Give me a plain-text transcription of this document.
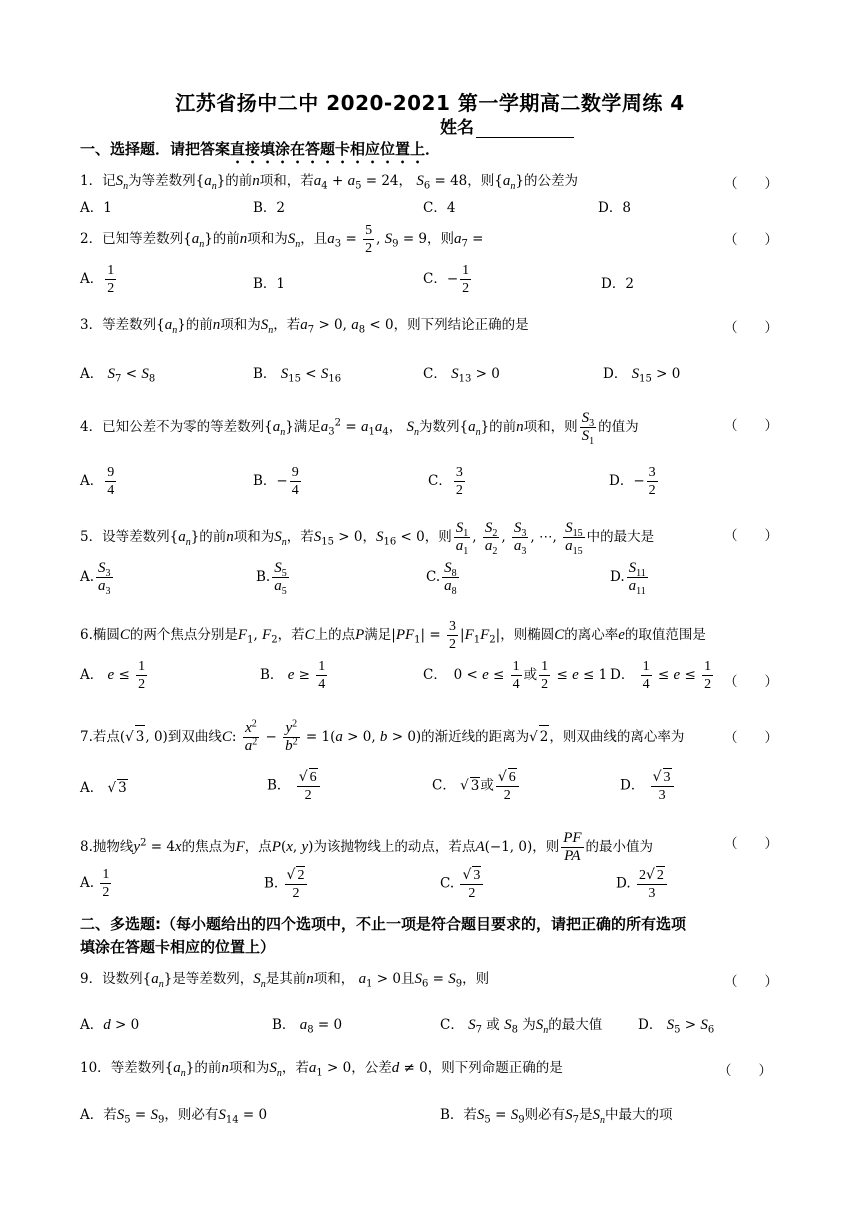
江苏省扬中二中 2020-2021 第一学期高二数学周练 4
姓名
一、选择题．请把答案直接填涂在答题卡相应位置上．
1．记$S_n$为等差数列$\{a_n\}$的前n项和，若$a_4 + a_5 = 24$， $S_6 = 48$，则$\{a_n\}$的公差为	（　　）
A．1	B．2	C．4	D．8
2．已知等差数列$\{a_n\}$的前n项和为$S_n$，且$a_3 = \frac{5}{2}$ , $S_9 = 9$，则$a_7$ =	（　　）
A． $\frac{1}{2}$	B．1	C．− $\frac{1}{2}$	D．2
3．等差数列$\{a_n\}$的前n项和为$S_n$，若$a_7 > 0$, $a_8 < 0$，则下列结论正确的是	（　　）
A． $S_7 < S_8$	B． $S_{15} < S_{16}$	C． $S_{13} > 0$	D． $S_{15} > 0$
4．已知公差不为零的等差数列$\{a_n\}$满足$a_3^2 = a_1a_4$， $S_n$为数列$\{a_n\}$的前n项和，则 $\frac{S_3}{S_1}$ 的值为	（　　）
A． $\frac{9}{4}$	B．− $\frac{9}{4}$	C． $\frac{3}{2}$	D．− $\frac{3}{2}$
5．设等差数列$\{a_n\}$的前n项和为$S_n$，若$S_{15} > 0$，$S_{16} < 0$，则 $\frac{S_1}{a_1}$ , $\frac{S_2}{a_2}$ , $\frac{S_3}{a_3}$ , ⋯, $\frac{S_{15}}{a_{15}}$ 中的最大是	（　　）
A. $\frac{S_3}{a_3}$	B. $\frac{S_5}{a_5}$	C. $\frac{S_8}{a_8}$	D. $\frac{S_{11}}{a_{11}}$
6.椭圆C的两个焦点分别是$F_1$, $F_2$，若C上的点P满足$|PF_1| = \frac{3}{2} |F_1F_2|$，则椭圆C的离心率e的取值范围是
A． $e \le \frac{1}{2}$	B． $e \ge \frac{1}{4}$	C．　$0 < e \le \frac{1}{4}$ 或 $\frac{1}{2} \le e \le 1$ D． $\frac{1}{4} \le e \le \frac{1}{2}$ （　　）
7.若点(√ 3, 0)到双曲线C: $\frac{x^2}{a^2} - \frac{y^2}{b^2} = 1(a > 0$, b > 0)的渐近线的距离为√ 2，则双曲线的离心率为	（　　）
A． √ 3	B． $\frac{√ 6}{2}$	C． √ 3或 $\frac{√ 6}{2}$	D． $\frac{√ 3}{3}$
8.抛物线$y^2 = 4x$的焦点为F，点P(x, y)为该抛物线上的动点，若点A(−1, 0)，则 $\frac{PF}{PA}$ 的最小值为	（　　）
A. $\frac{1}{2}$	B. $\frac{√ 2}{2}$	C. $\frac{√ 3}{2}$	D. $\frac{2√ 2}{3}$
二、多选题:（每小题给出的四个选项中，不止一项是符合题目要求的，请把正确的所有选项
填涂在答题卡相应的位置上）
9．设数列$\{a_n\}$是等差数列，$S_n$是其前n项和， $a_1 > 0$且$S_6 = S_9$，则	（　　）
A．d > 0	B． $a_8 = 0$	C． $S_7$ 或 $S_8$ 为$S_n$的最大值	D． $S_5 > S_6$
10．等差数列$\{a_n\}$的前n项和为$S_n$，若$a_1 > 0$，公差d ≠ 0，则下列命题正确的是	（　　）
A．若$S_5 = S_9$，则必有$S_{14} = 0$	B．若$S_5 = S_9$则必有$S_7$是$S_n$中最大的项
